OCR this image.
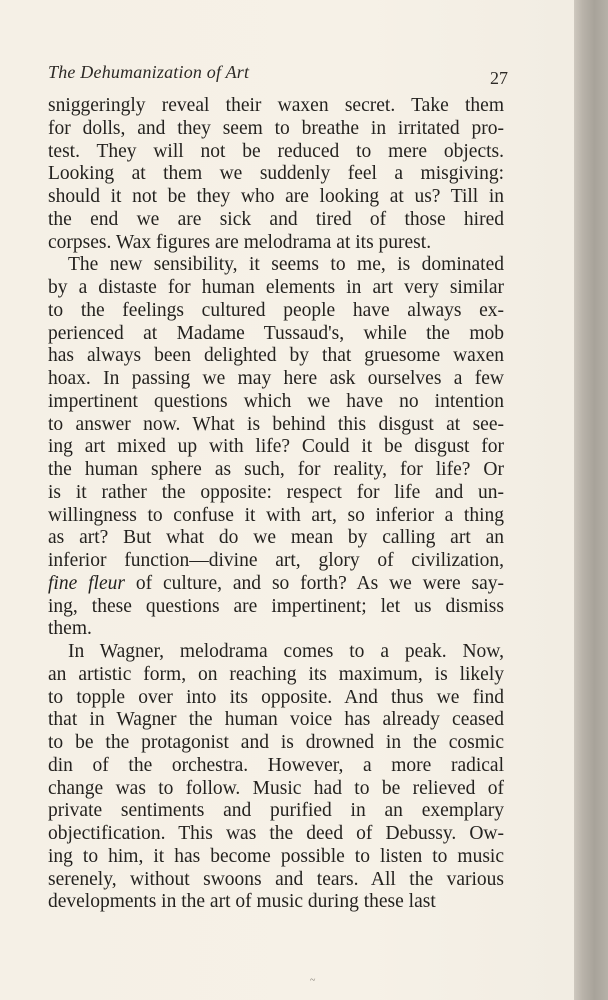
The Dehumanization of Art	27
sniggeringly reveal their waxen secret. Take them
for dolls, and they seem to breathe in irritated pro-
test. They will not be reduced to mere objects.
Looking at them we suddenly feel a misgiving:
should it not be they who are looking at us? Till in
the end we are sick and tired of those hired
corpses. Wax figures are melodrama at its purest.
The new sensibility, it seems to me, is dominated
by a distaste for human elements in art very similar
to the feelings cultured people have always ex-
perienced at Madame Tussaud's, while the mob
has always been delighted by that gruesome waxen
hoax. In passing we may here ask ourselves a few
impertinent questions which we have no intention
to answer now. What is behind this disgust at see-
ing art mixed up with life? Could it be disgust for
the human sphere as such, for reality, for life? Or
is it rather the opposite: respect for life and un-
willingness to confuse it with art, so inferior a thing
as art? But what do we mean by calling art an
inferior function—divine art, glory of civilization,
fine fleur of culture, and so forth? As we were say-
ing, these questions are impertinent; let us dismiss
them.
In Wagner, melodrama comes to a peak. Now,
an artistic form, on reaching its maximum, is likely
to topple over into its opposite. And thus we find
that in Wagner the human voice has already ceased
to be the protagonist and is drowned in the cosmic
din of the orchestra. However, a more radical
change was to follow. Music had to be relieved of
private sentiments and purified in an exemplary
objectification. This was the deed of Debussy. Ow-
ing to him, it has become possible to listen to music
serenely, without swoons and tears. All the various
developments in the art of music during these last
~
